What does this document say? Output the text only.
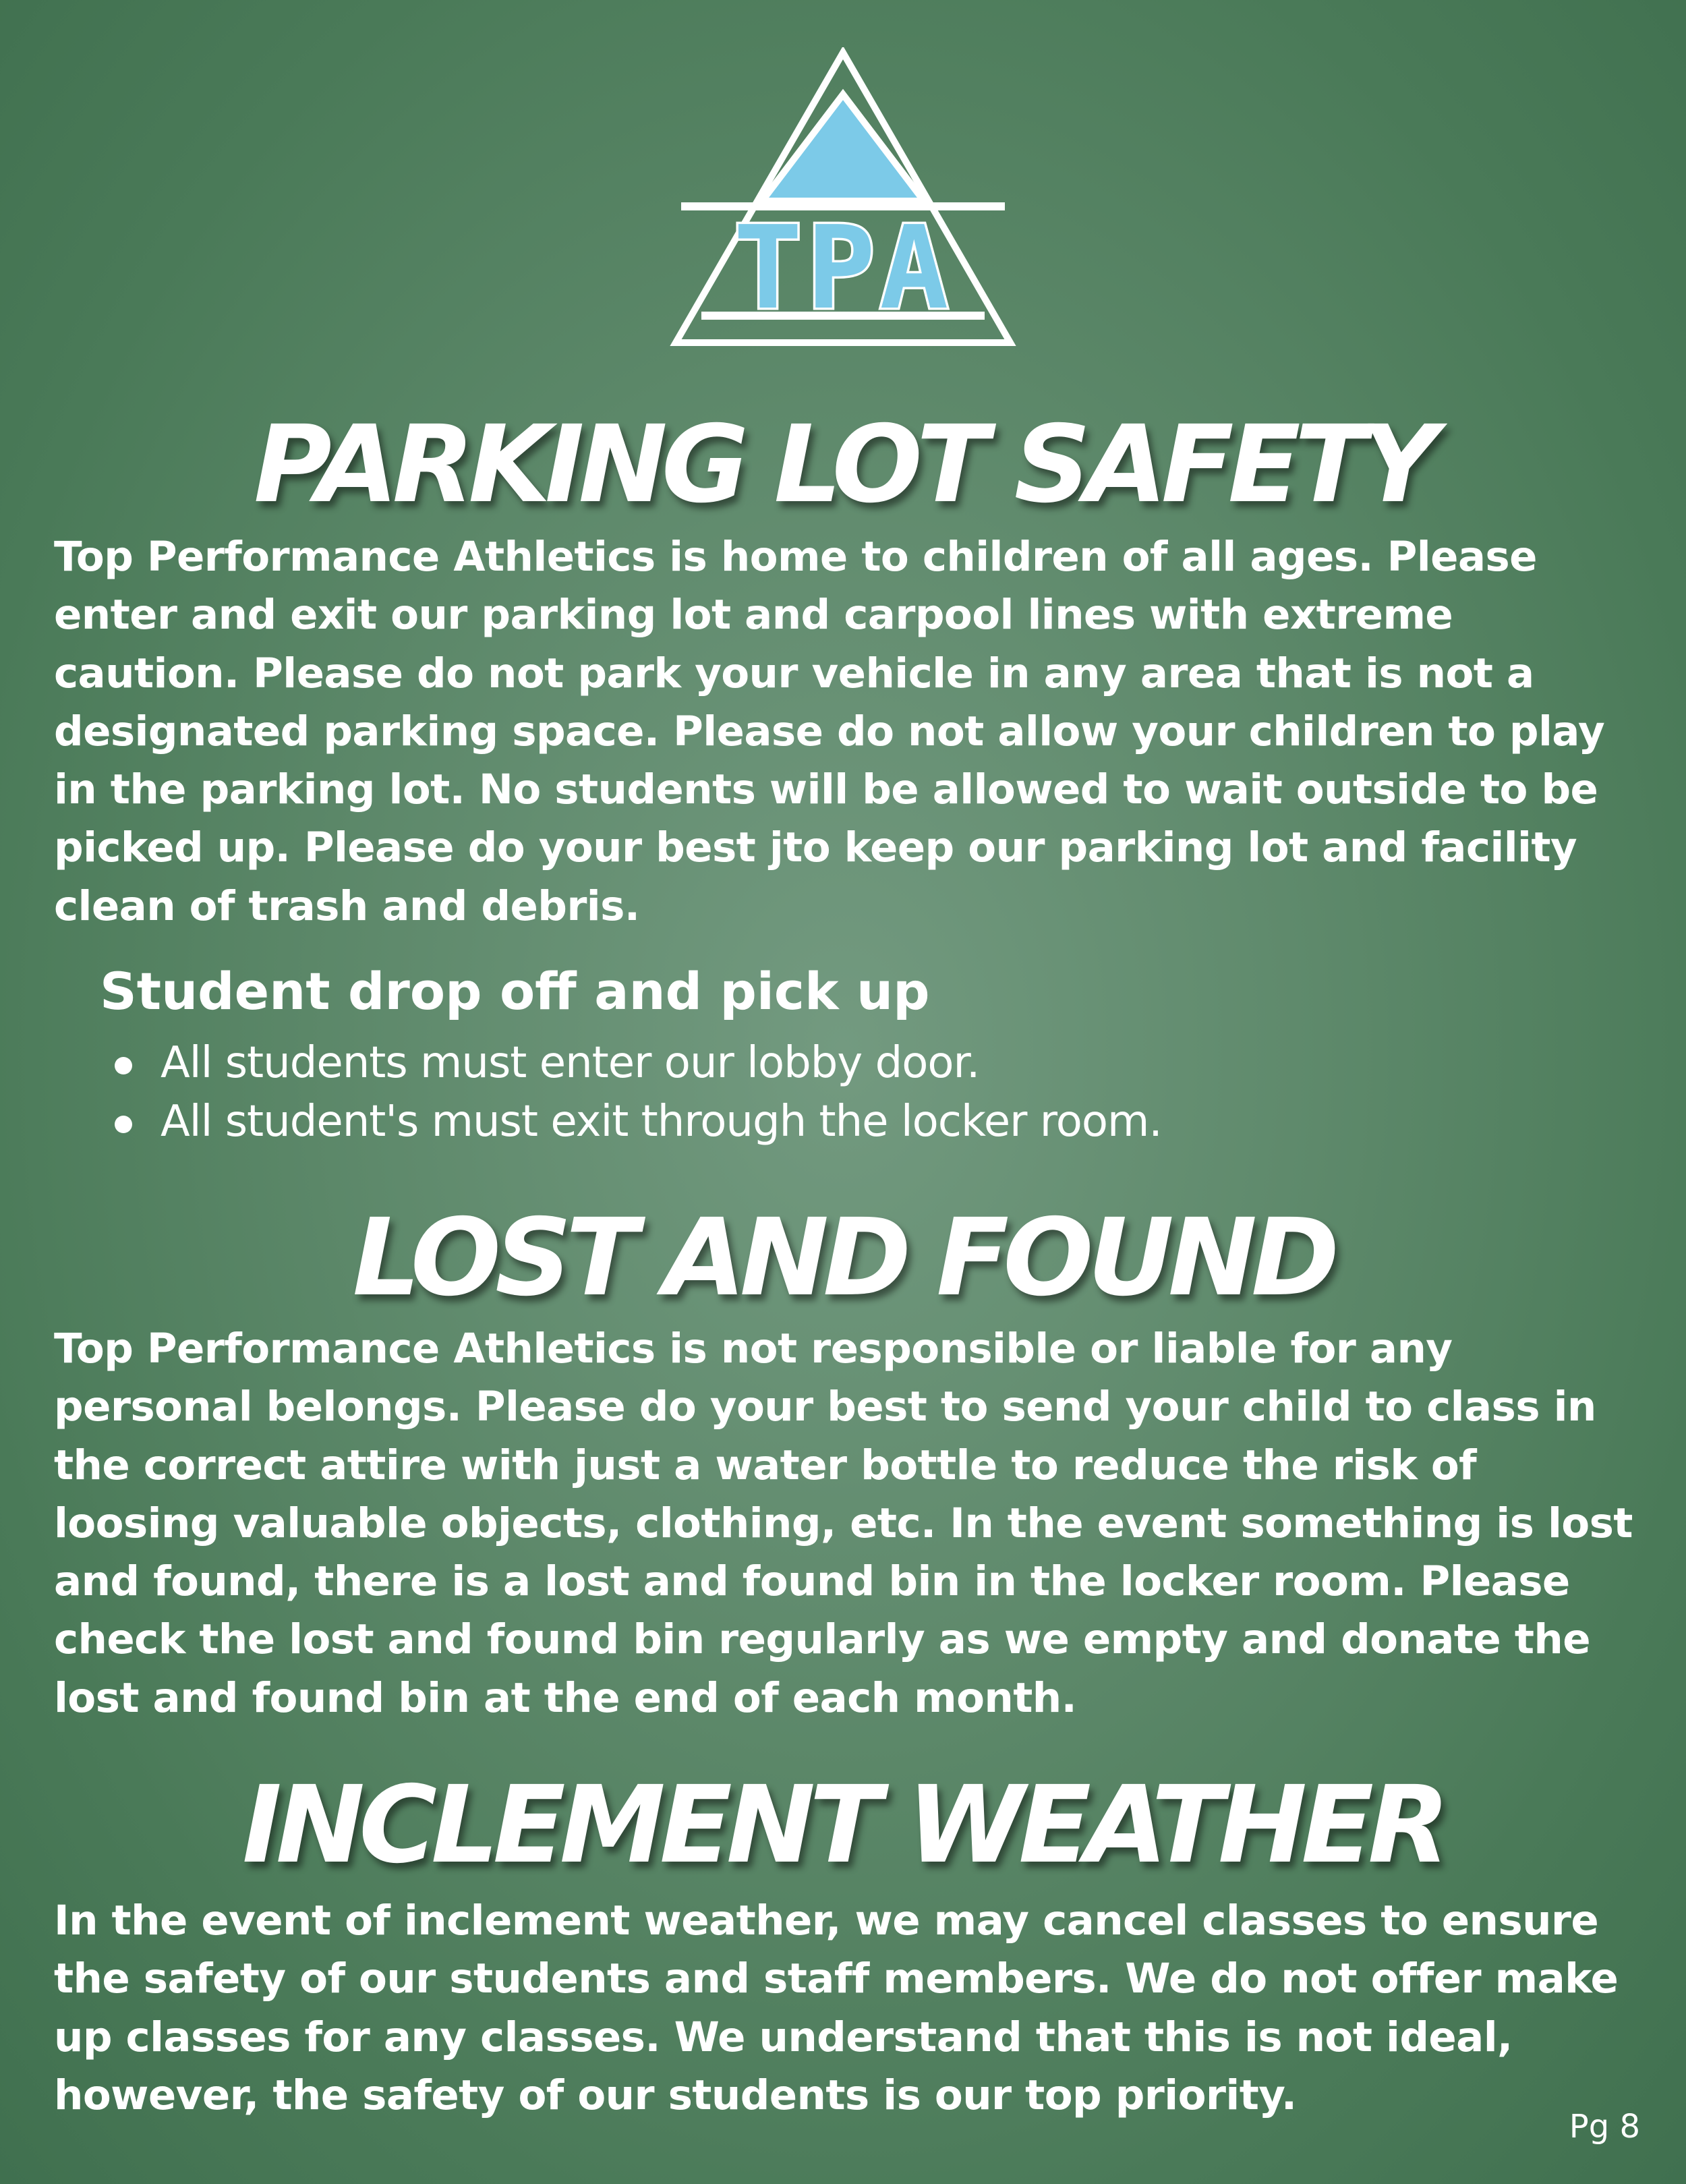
TPA
PARKING LOT SAFETY

Top Performance Athletics is home to children of all ages. Please enter and exit our parking lot and carpool lines with extreme caution. Please do not park your vehicle in any area that is not a designated parking space. Please do not allow your children to play in the parking lot. No students will be allowed to wait outside to be picked up. Please do your best jto keep our parking lot and facility clean of trash and debris.

Student drop off and pick up
All students must enter our lobby door.
All student's must exit through the locker room.
LOST AND FOUND

Top Performance Athletics is not responsible or liable for any personal belongs. Please do your best to send your child to class in the correct attire with just a water bottle to reduce the risk of loosing valuable objects, clothing, etc. In the event something is lost and found, there is a lost and found bin in the locker room. Please check the lost and found bin regularly as we empty and donate the lost and found bin at the end of each month.

INCLEMENT WEATHER

In the event of inclement weather, we may cancel classes to ensure the safety of our students and staff members. We do not offer make up classes for any classes. We understand that this is not ideal, however, the safety of our students is our top priority.

Pg 8
